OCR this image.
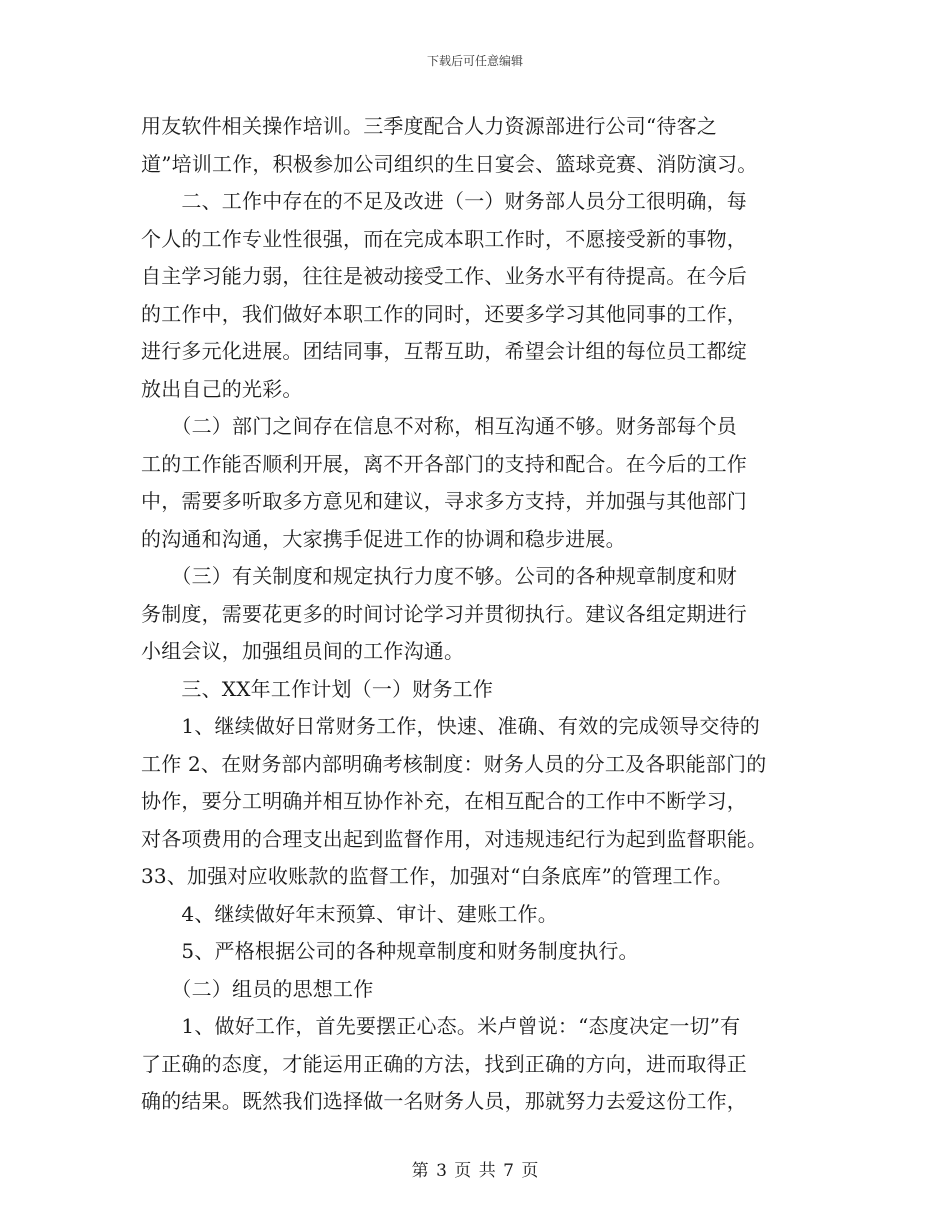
下载后可任意编辑
用友软件相关操作培训。三季度配合人力资源部进行公司“待客之
道”培训工作，积极参加公司组织的生日宴会、篮球竞赛、消防演习。
　　二、工作中存在的不足及改进（一）财务部人员分工很明确，每
个人的工作专业性很强，而在完成本职工作时，不愿接受新的事物，
自主学习能力弱，往往是被动接受工作、业务水平有待提高。在今后
的工作中，我们做好本职工作的同时，还要多学习其他同事的工作，
进行多元化进展。团结同事，互帮互助，希望会计组的每位员工都绽
放出自己的光彩。
　　（二）部门之间存在信息不对称，相互沟通不够。财务部每个员
工的工作能否顺利开展，离不开各部门的支持和配合。在今后的工作
中，需要多听取多方意见和建议，寻求多方支持，并加强与其他部门
的沟通和沟通，大家携手促进工作的协调和稳步进展。
　　（三）有关制度和规定执行力度不够。公司的各种规章制度和财
务制度，需要花更多的时间讨论学习并贯彻执行。建议各组定期进行
小组会议，加强组员间的工作沟通。
　　三、XX年工作计划（一）财务工作
　　1、继续做好日常财务工作，快速、准确、有效的完成领导交待的
工作 2、在财务部内部明确考核制度：财务人员的分工及各职能部门的
协作，要分工明确并相互协作补充，在相互配合的工作中不断学习，
对各项费用的合理支出起到监督作用，对违规违纪行为起到监督职能。
33、加强对应收账款的监督工作，加强对“白条底库”的管理工作。
　　4、继续做好年末预算、审计、建账工作。
　　5、严格根据公司的各种规章制度和财务制度执行。
　　（二）组员的思想工作
　　1、做好工作，首先要摆正心态。米卢曾说：“态度决定一切”有
了正确的态度，才能运用正确的方法，找到正确的方向，进而取得正
确的结果。既然我们选择做一名财务人员，那就努力去爱这份工作，
第 3 页 共 7 页
